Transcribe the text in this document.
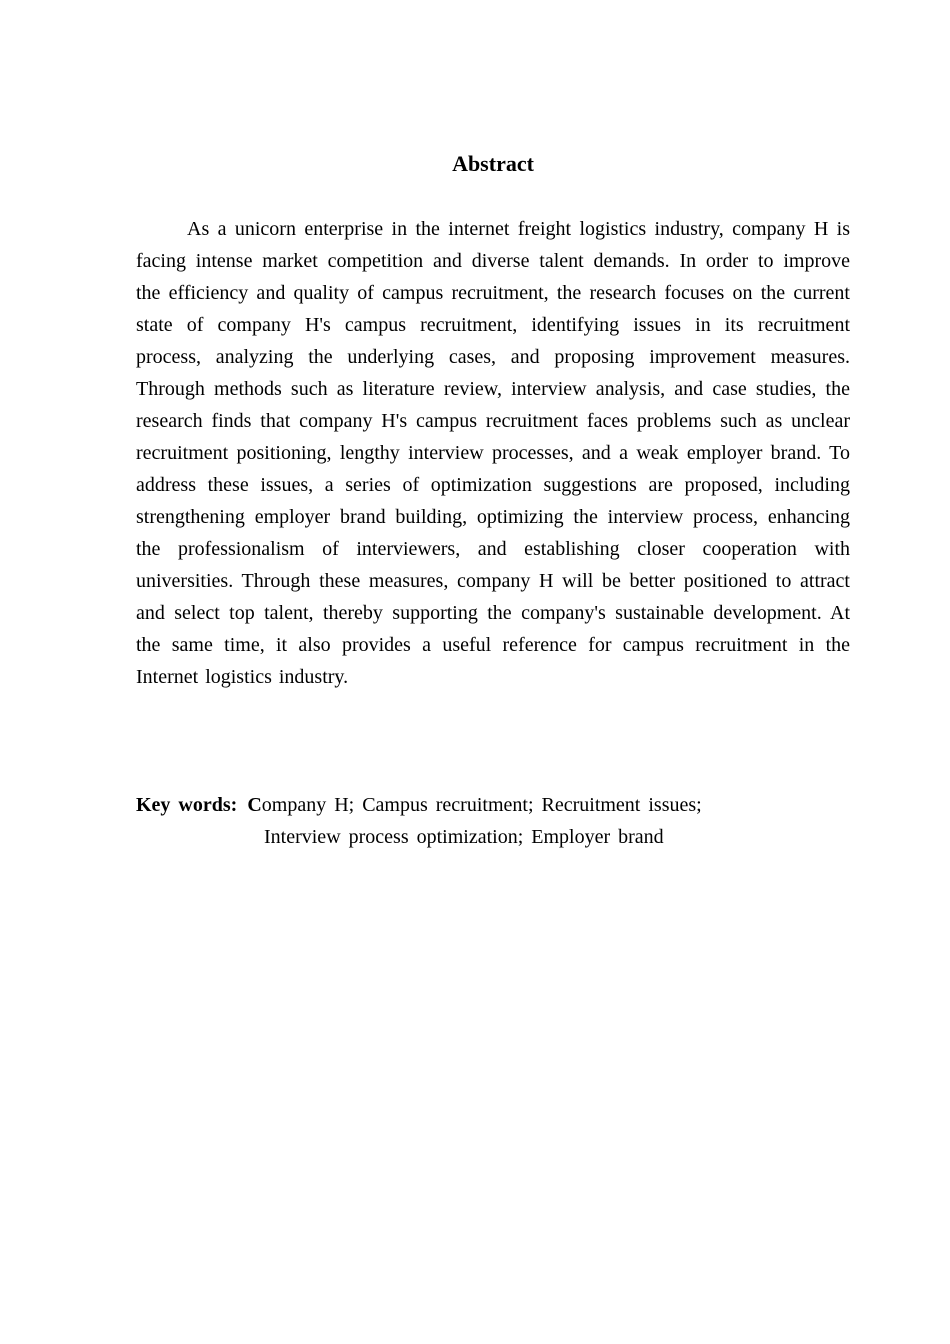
Abstract

As a unicorn enterprise in the internet freight logistics industry, company H is facing intense market competition and diverse talent demands. In order to improve the efficiency and quality of campus recruitment, the research focuses on the current state of company H's campus recruitment, identifying issues in its recruitment process, analyzing the underlying cases, and proposing improvement measures. Through methods such as literature review, interview analysis, and case studies, the research finds that company H's campus recruitment faces problems such as unclear recruitment positioning, lengthy interview processes, and a weak employer brand. To address these issues, a series of optimization suggestions are proposed, including strengthening employer brand building, optimizing the interview process, enhancing the professionalism of interviewers, and establishing closer cooperation with universities. Through these measures, company H will be better positioned to attract and select top talent, thereby supporting the company's sustainable development. At the same time, it also provides a useful reference for campus recruitment in the Internet logistics industry.

Key words: Company H; Campus recruitment; Recruitment issues;
Interview process optimization; Employer brand
